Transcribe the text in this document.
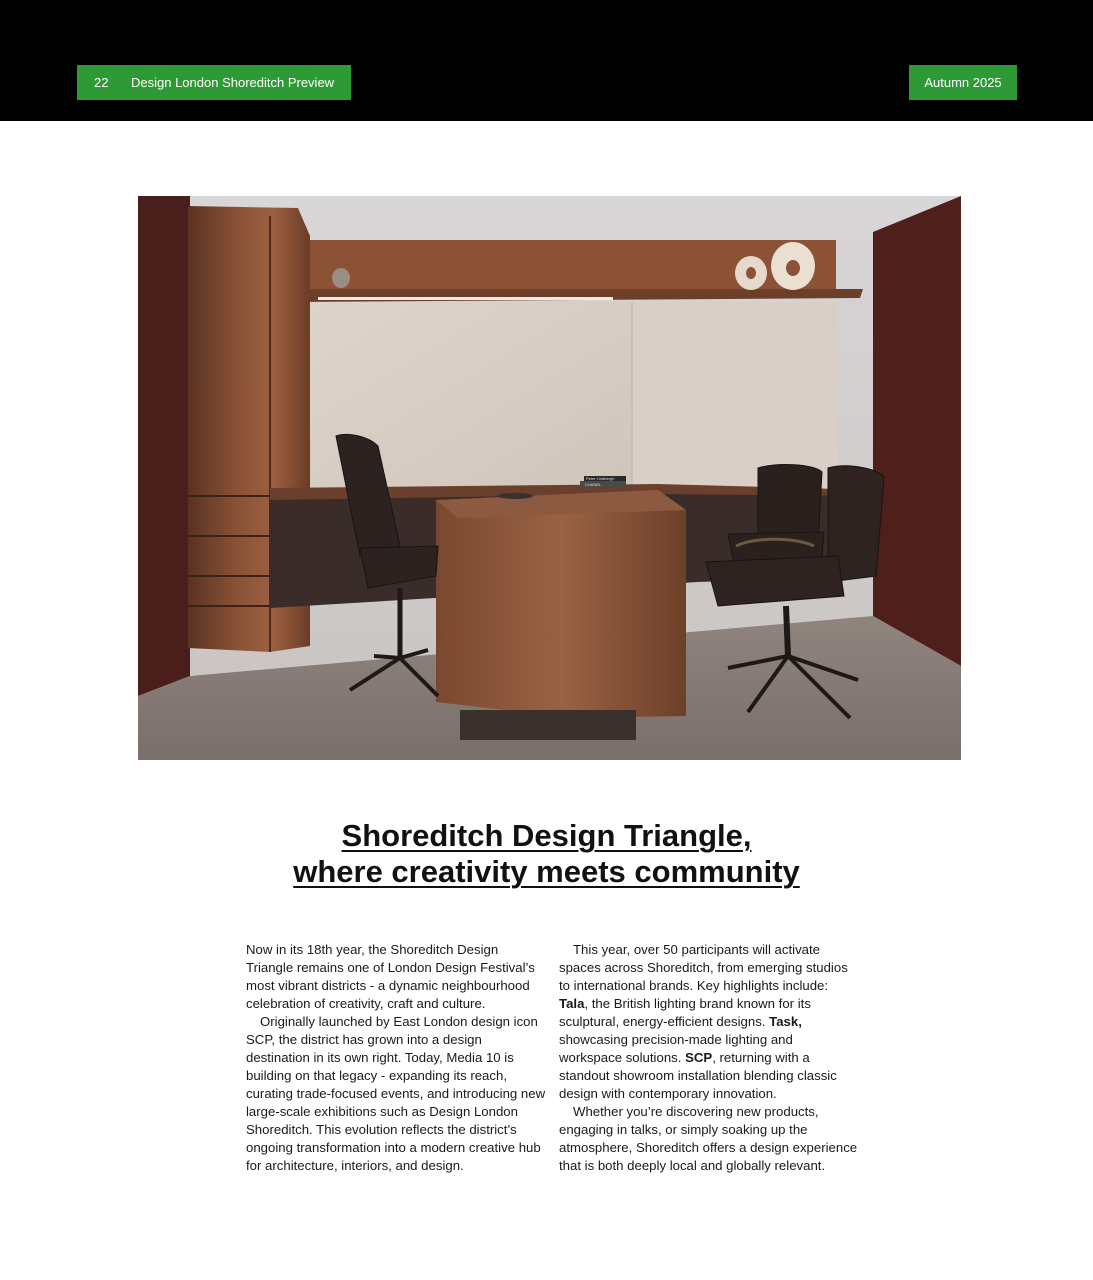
22	Design London Shoreditch Preview	Autumn 2025
Peter Lindbergh
CHANEL
Shoreditch Design Triangle,
where creativity meets community

Now in its 18th year, the Shoreditch Design Triangle remains one of London Design Festival’s most vibrant districts - a dynamic neighbourhood celebration of creativity, craft and culture.

Originally launched by East London design icon SCP, the district has grown into a design destination in its own right. Today, Media 10 is building on that legacy - expanding its reach, curating trade-focused events, and introducing new large-scale exhibitions such as Design London Shoreditch. This evolution reflects the district’s ongoing transformation into a modern creative hub for architecture, interiors, and design.

This year, over 50 participants will activate spaces across Shoreditch, from emerging studios to international brands. Key highlights include: Tala, the British lighting brand known for its sculptural, energy-efficient designs. Task, showcasing precision-made lighting and workspace solutions. SCP, returning with a standout showroom installation blending classic design with contemporary innovation.

Whether you’re discovering new products, engaging in talks, or simply soaking up the atmosphere, Shoreditch offers a design experience that is both deeply local and globally relevant.
